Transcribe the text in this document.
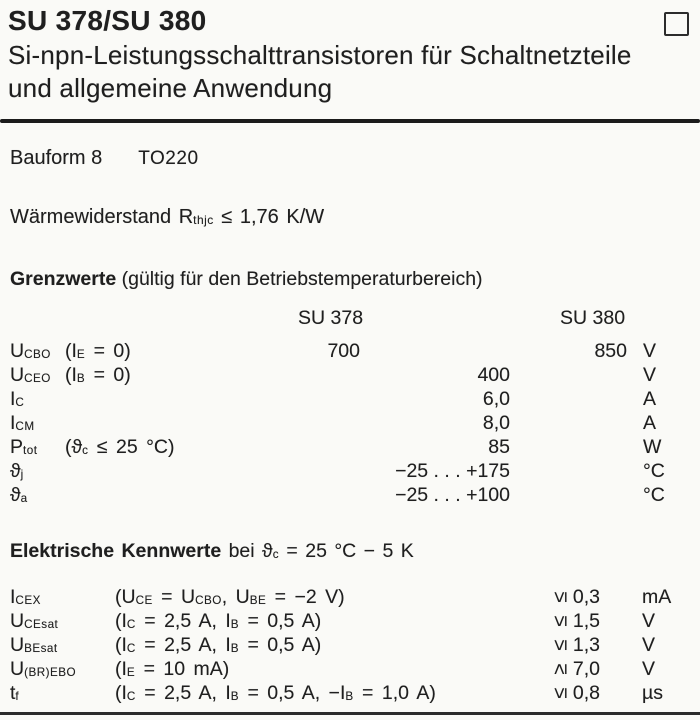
SU 378/SU 380
Si-npn-Leistungsschalttransistoren für Schaltnetzteile
und allgemeine Anwendung
Bauform 8 TO220
Wärmewiderstand $R_{thjc} \le 1,76$ K/W
Grenzwerte (gültig für den Betriebstemperaturbereich)
SU 378	SU 380
$U_{CBO}$ $(I_E = 0)$	700	850 V
$U_{CEO}$ $(I_B = 0)$	400	V
$I_C$	6,0	A
$I_{CM}$	8,0	A
$P_{tot}$	($ϑ_c \le 25$ °C)	85	W
$ϑ_j$	−25 . . . +175	°C
$ϑ_a$	−25 . . . +100	°C
Elektrische Kennwerte bei $ϑ_c = 25$ °C − 5 K
$I_{CEX}$	($U_{CE} = U_{CBO}$, $U_{BE} = -2$ V)	≤ 0,3	mA
$U_{CEsat}$	($I_C = 2,5$ A, $I_B = 0,5$ A)	≤ 1,5	V
$U_{BEsat}$	($I_C = 2,5$ A, $I_B = 0,5$ A)	≤ 1,3	V
$U_{(BR)EBO}$	($I_E = 10$ mA)	≥ 7,0	V
$t_f$	($I_C = 2,5$ A, $I_B = 0,5$ A, $-I_B = 1,0$ A)	≤ 0,8	µs
